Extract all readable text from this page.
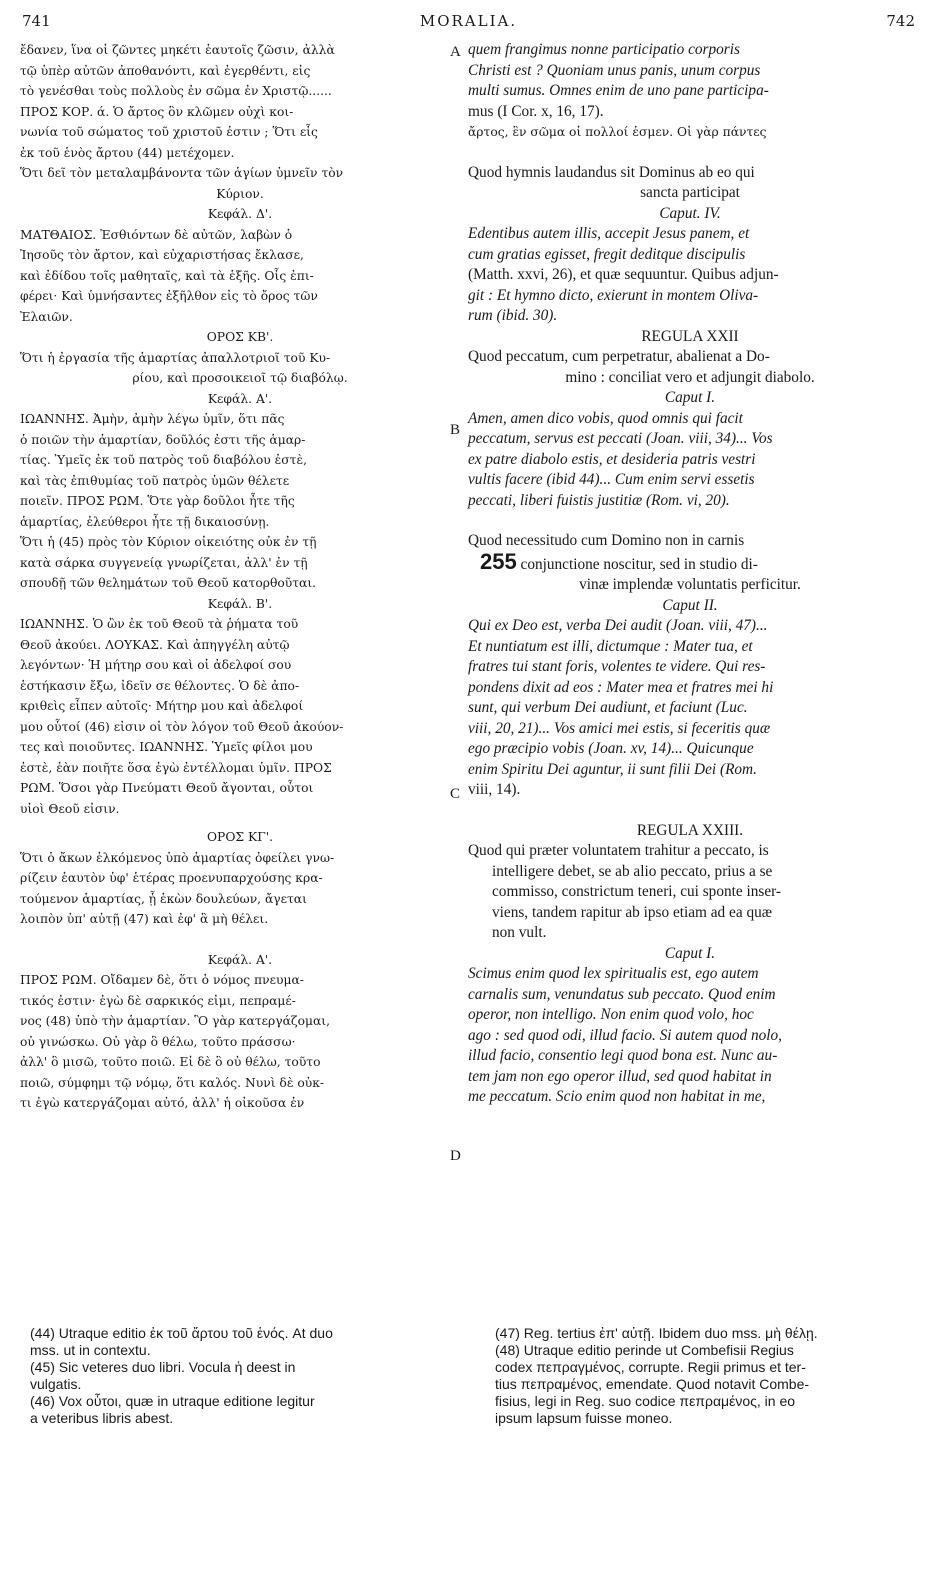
741	MORALIA.	742

ἔδανεν, ἵνα οἱ ζῶντες μηκέτι ἑαυτοῖς ζῶσιν, ἀλλὰ

τῷ ὑπὲρ αὐτῶν ἀποθανόντι, καὶ ἐγερθέντι, εἰς

τὸ γενέσθαι τοὺς πολλοὺς ἐν σῶμα ἐν Χριστῷ......

ΠΡΟΣ ΚΟΡ. ά. Ὁ ἄρτος ὃν κλῶμεν οὐχὶ κοι-

νωνία τοῦ σώματος τοῦ χριστοῦ ἐστιν ; Ὅτι εἷς

ἐκ τοῦ ἑνὸς ἄρτου (44) μετέχομεν.

Ὅτι δεῖ τὸν μεταλαμβάνοντα τῶν ἁγίων ὑμνεῖν τὸν

Κύριον.

Κεφάλ. Δ'.

ΜΑΤΘΑΙΟΣ. Ἐσθιόντων δὲ αὐτῶν, λαβὼν ὁ

Ἰησοῦς τὸν ἄρτον, καὶ εὐχαριστήσας ἔκλασε,

καὶ ἐδίδου τοῖς μαθηταῖς, καὶ τὰ ἑξῆς. Οἷς ἐπι-

φέρει· Καὶ ὑμνήσαντες ἐξῆλθον εἰς τὸ ὄρος τῶν

Ἐλαιῶν.

ΟΡΟΣ ΚΒ'.

Ὅτι ἡ ἐργασία τῆς ἁμαρτίας ἀπαλλοτριοῖ τοῦ Κυ-

ρίου, καὶ προσοικειοῖ τῷ διαβόλῳ.

Κεφάλ. Α'.

ΙΩΑΝΝΗΣ. Ἀμὴν, ἀμὴν λέγω ὑμῖν, ὅτι πᾶς

ὁ ποιῶν τὴν ἁμαρτίαν, δοῦλός ἐστι τῆς ἁμαρ-

τίας. Ὑμεῖς ἐκ τοῦ πατρὸς τοῦ διαβόλου ἐστὲ,

καὶ τὰς ἐπιθυμίας τοῦ πατρὸς ὑμῶν θέλετε

ποιεῖν. ΠΡΟΣ ΡΩΜ. Ὅτε γὰρ δοῦλοι ἦτε τῆς

ἁμαρτίας, ἐλεύθεροι ἦτε τῇ δικαιοσύνῃ.

Ὅτι ἡ (45) πρὸς τὸν Κύριον οἰκειότης οὐκ ἐν τῇ

κατὰ σάρκα συγγενείᾳ γνωρίζεται, ἀλλ' ἐν τῇ

σπουδῇ τῶν θελημάτων τοῦ Θεοῦ κατορθοῦται.

Κεφάλ. Β'.

ΙΩΑΝΝΗΣ. Ὁ ὢν ἐκ τοῦ Θεοῦ τὰ ῥήματα τοῦ

Θεοῦ ἀκούει. ΛΟΥΚΑΣ. Καὶ ἀπηγγέλη αὐτῷ

λεγόντων· Ἡ μήτηρ σου καὶ οἱ ἀδελφοί σου

ἑστήκασιν ἔξω, ἰδεῖν σε θέλοντες. Ὁ δὲ ἀπο-

κριθεὶς εἶπεν αὐτοῖς· Μήτηρ μου καὶ ἀδελφοί

μου οὗτοί (46) εἰσιν οἱ τὸν λόγον τοῦ Θεοῦ ἀκούον-

τες καὶ ποιοῦντες. ΙΩΑΝΝΗΣ. Ὑμεῖς φίλοι μου

ἐστὲ, ἐὰν ποιῆτε ὅσα ἐγὼ ἐντέλλομαι ὑμῖν. ΠΡΟΣ

ΡΩΜ. Ὅσοι γὰρ Πνεύματι Θεοῦ ἄγονται, οὗτοι

υἱοὶ Θεοῦ εἰσιν.

ΟΡΟΣ ΚΓ'.

Ὅτι ὁ ἄκων ἑλκόμενος ὑπὸ ἁμαρτίας ὀφείλει γνω-

ρίζειν ἑαυτὸν ὑφ' ἑτέρας προενυπαρχούσης κρα-

τούμενον ἁμαρτίας, ᾗ ἑκὼν δουλεύων, ἄγεται

λοιπὸν ὑπ' αὐτῇ (47) καὶ ἐφ' ἃ μὴ θέλει.

Κεφάλ. Α'.

ΠΡΟΣ ΡΩΜ. Οἴδαμεν δὲ, ὅτι ὁ νόμος πνευμα-

τικός ἐστιν· ἐγὼ δὲ σαρκικός εἰμι, πεπραμέ-

νος (48) ὑπὸ τὴν ἁμαρτίαν. Ὃ γὰρ κατεργάζομαι,

οὐ γινώσκω. Οὐ γὰρ ὃ θέλω, τοῦτο πράσσω·

ἀλλ' ὃ μισῶ, τοῦτο ποιῶ. Εἰ δὲ ὃ οὐ θέλω, τοῦτο

ποιῶ, σύμφημι τῷ νόμῳ, ὅτι καλός. Νυνὶ δὲ οὐκ-

τι ἐγὼ κατεργάζομαι αὐτό, ἀλλ' ἡ οἰκοῦσα ἐν

A
B
C
D

quem frangimus nonne participatio corporis

Christi est ? Quoniam unus panis, unum corpus

multi sumus. Omnes enim de uno pane participa-

mus (I Cor. x, 16, 17).

ἄρτος, ἓν σῶμα οἱ πολλοί ἐσμεν. Οἱ γὰρ πάντες

Quod hymnis laudandus sit Dominus ab eo qui

sancta participat

Caput. IV.

Edentibus autem illis, accepit Jesus panem, et

cum gratias egisset, fregit deditque discipulis

(Matth. xxvi, 26), et quæ sequuntur. Quibus adjun-

git : Et hymno dicto, exierunt in montem Oliva-

rum (ibid. 30).

REGULA XXII

Quod peccatum, cum perpetratur, abalienat a Do-

mino : conciliat vero et adjungit diabolo.

Caput I.

Amen, amen dico vobis, quod omnis qui facit

peccatum, servus est peccati (Joan. viii, 34)... Vos

ex patre diabolo estis, et desideria patris vestri

vultis facere (ibid 44)... Cum enim servi essetis

peccati, liberi fuistis justitiæ (Rom. vi, 20).

Quod necessitudo cum Domino non in carnis

255 conjunctione noscitur, sed in studio di-

vinæ implendæ voluntatis perficitur.

Caput II.

Qui ex Deo est, verba Dei audit (Joan. viii, 47)...

Et nuntiatum est illi, dictumque : Mater tua, et

fratres tui stant foris, volentes te videre. Qui res-

pondens dixit ad eos : Mater mea et fratres mei hi

sunt, qui verbum Dei audiunt, et faciunt (Luc.

viii, 20, 21)... Vos amici mei estis, si feceritis quæ

ego præcipio vobis (Joan. xv, 14)... Quicunque

enim Spiritu Dei aguntur, ii sunt filii Dei (Rom.

viii, 14).

REGULA XXIII.

Quod qui præter voluntatem trahitur a peccato, is

intelligere debet, se ab alio peccato, prius a se

commisso, constrictum teneri, cui sponte inser-

viens, tandem rapitur ab ipso etiam ad ea quæ

non vult.

Caput I.

Scimus enim quod lex spiritualis est, ego autem

carnalis sum, venundatus sub peccato. Quod enim

operor, non intelligo. Non enim quod volo, hoc

ago : sed quod odi, illud facio. Si autem quod nolo,

illud facio, consentio legi quod bona est. Nunc au-

tem jam non ego operor illud, sed quod habitat in

me peccatum. Scio enim quod non habitat in me,

(44) Utraque editio ἐκ τοῦ ἄρτου τοῦ ἑνός. At duo

mss. ut in contextu.

(45) Sic veteres duo libri. Vocula ἡ deest in

vulgatis.

(46) Vox οὗτοι, quæ in utraque editione legitur

a veteribus libris abest.

(47) Reg. tertius ἐπ' αὐτῇ. Ibidem duo mss. μὴ θέλῃ.

(48) Utraque editio perinde ut Combefisii Regius

codex πεπραγμένος, corrupte. Regii primus et ter-

tius πεπραμένος, emendate. Quod notavit Combe-

fisius, legi in Reg. suo codice πεπραμένος, in eo

ipsum lapsum fuisse moneo.
